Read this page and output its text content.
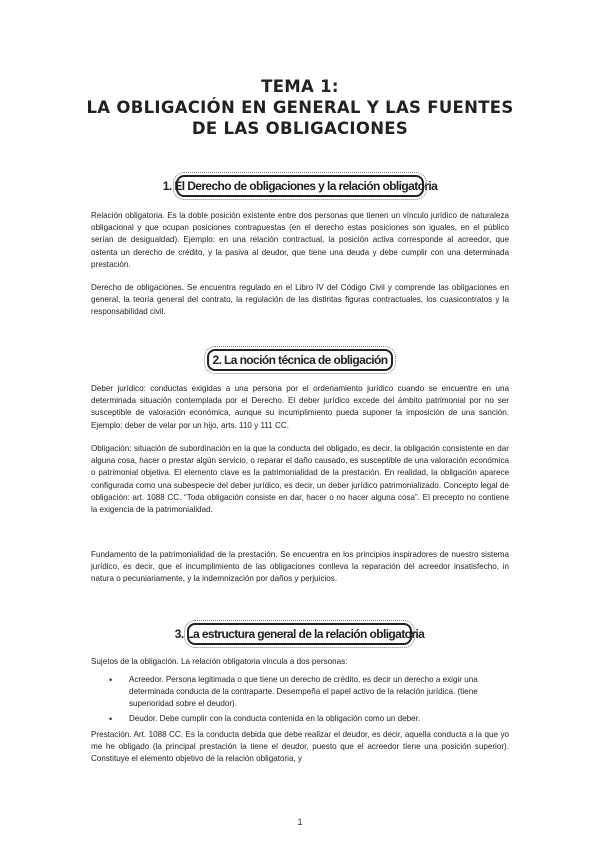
TEMA 1:
LA OBLIGACIÓN EN GENERAL Y LAS FUENTES
DE LAS OBLIGACIONES
1. El Derecho de obligaciones y la relación obligatoria

Relación obligatoria. Es la doble posición existente entre dos personas que tienen un vínculo jurídico de naturaleza obligacional y que ocupan posiciones contrapuestas (en el derecho estas posiciones son iguales, en el público serían de desigualdad). Ejemplo: en una relación contractual, la posición activa corresponde al acreedor, que ostenta un derecho de crédito, y la pasiva al deudor, que tiene una deuda y debe cumplir con una determinada prestación.

Derecho de obligaciones. Se encuentra regulado en el Libro IV del Código Civil y comprende las obligaciones en general, la teoría general del contrato, la regulación de las distintas figuras contractuales, los cuasicontratos y la responsabilidad civil.

2. La noción técnica de obligación

Deber jurídico: conductas exigidas a una persona por el ordenamiento jurídico cuando se encuentre en una determinada situación contemplada por el Derecho. El deber jurídico excede del ámbito patrimonial por no ser susceptible de valoración económica, aunque su incumplimiento pueda suponer la imposición de una sanción. Ejemplo: deber de velar por un hijo, arts. 110 y 111 CC.

Obligación: situación de subordinación en la que la conducta del obligado, es decir, la obligación consistente en dar alguna cosa, hacer o prestar algún servicio, o reparar el daño causado, es susceptible de una valoración económica o patrimonial objetiva. El elemento clave es la patrimonialidad de la prestación. En realidad, la obligación aparece configurada como una subespecie del deber jurídico, es decir, un deber jurídico patrimonializado. Concepto legal de obligación: art. 1088 CC. “Toda obligación consiste en dar, hacer o no hacer alguna cosa”. El precepto no contiene la exigencia de la patrimonialidad.

Fundamento de la patrimonialidad de la prestación. Se encuentra en los principios inspiradores de nuestro sistema jurídico, es decir, que el incumplimiento de las obligaciones conlleva la reparación del acreedor insatisfecho, in natura o pecuniariamente, y la indemnización por daños y perjuicios.

3. La estructura general de la relación obligatoria

Sujetos de la obligación. La relación obligatoria vincula a dos personas:

• Acreedor. Persona legitimada o que tiene un derecho de crédito, es decir un derecho a exigir una determinada conducta de la contraparte. Desempeña el papel activo de la relación jurídica. (tiene superioridad sobre el deudor).
• Deudor. Debe cumplir con la conducta contenida en la obligación como un deber.

Prestación. Art. 1088 CC. Es la conducta debida que debe realizar el deudor, es decir, aquella conducta a la que yo me he obligado (la principal prestación la tiene el deudor, puesto que el acreedor tiene una posición superior). Constituye el elemento objetivo de la relación obligatoria, y

1
